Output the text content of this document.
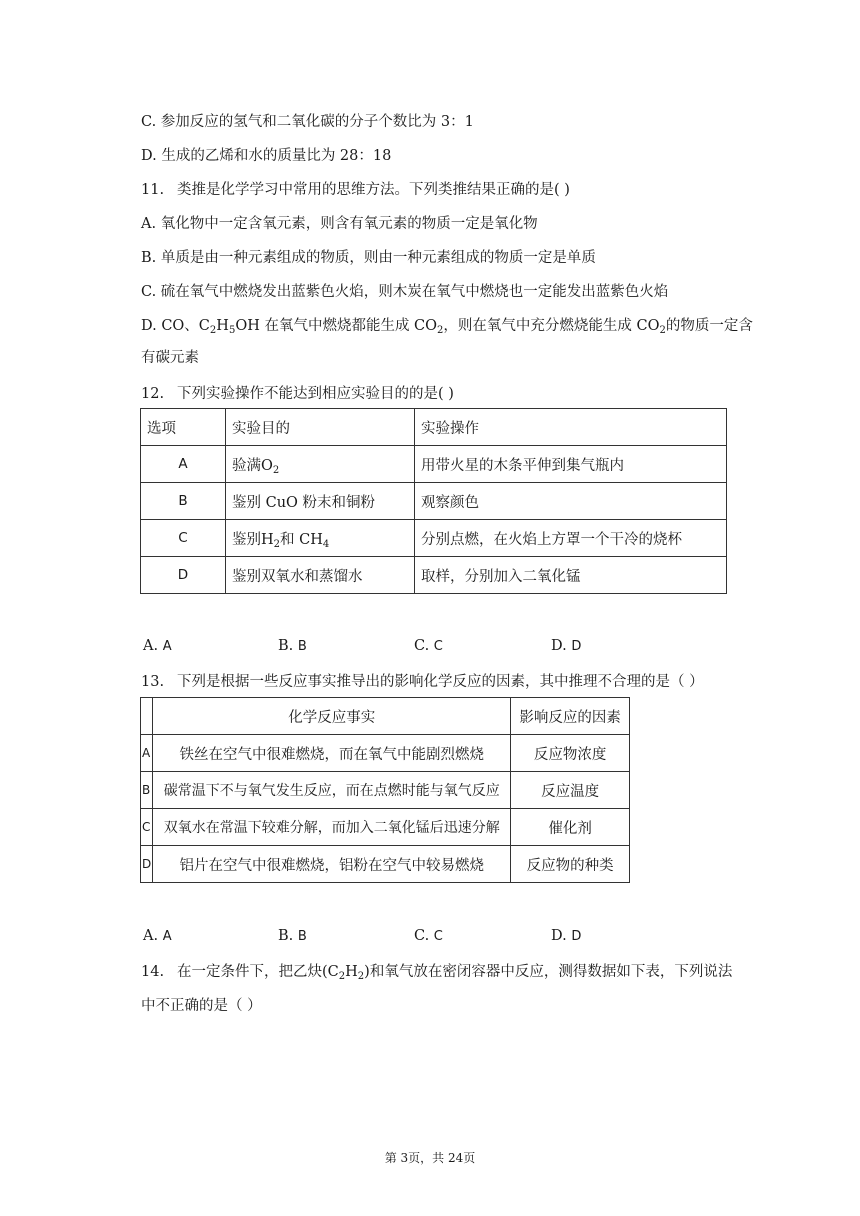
C. 参加反应的氢气和二氧化碳的分子个数比为 3：1
D. 生成的乙烯和水的质量比为 28：18
11. 类推是化学学习中常用的思维方法。下列类推结果正确的是( )
A. 氧化物中一定含氧元素，则含有氧元素的物质一定是氧化物
B. 单质是由一种元素组成的物质，则由一种元素组成的物质一定是单质
C. 硫在氧气中燃烧发出蓝紫色火焰，则木炭在氧气中燃烧也一定能发出蓝紫色火焰
D. CO、$C_2H_5OH$ 在氧气中燃烧都能生成 $CO_2$，则在氧气中充分燃烧能生成 $CO_2$的物质一定含
有碳元素
12. 下列实验操作不能达到相应实验目的的是( )
选项	实验目的	实验操作
A	验满$O_2$	用带火星的木条平伸到集气瓶内
B	鉴别 CuO 粉末和铜粉	观察颜色
C	鉴别$H_2$和 $CH_4$	分别点燃，在火焰上方罩一个干冷的烧杯
D	鉴别双氧水和蒸馏水	取样，分别加入二氧化锰
A. A	B. B	C. C	D. D
13. 下列是根据一些反应事实推导出的影响化学反应的因素，其中推理不合理的是（ ）
	化学反应事实	影响反应的因素
A	铁丝在空气中很难燃烧，而在氧气中能剧烈燃烧	反应物浓度
B	碳常温下不与氧气发生反应，而在点燃时能与氧气反应	反应温度
C	双氧水在常温下较难分解，而加入二氧化锰后迅速分解	催化剂
D	铝片在空气中很难燃烧，铝粉在空气中较易燃烧	反应物的种类
A. A	B. B	C. C	D. D
14. 在一定条件下，把乙炔$(C_2H_2)$和氧气放在密闭容器中反应，测得数据如下表，下列说法
中不正确的是（ ）
第 3页，共 24页
